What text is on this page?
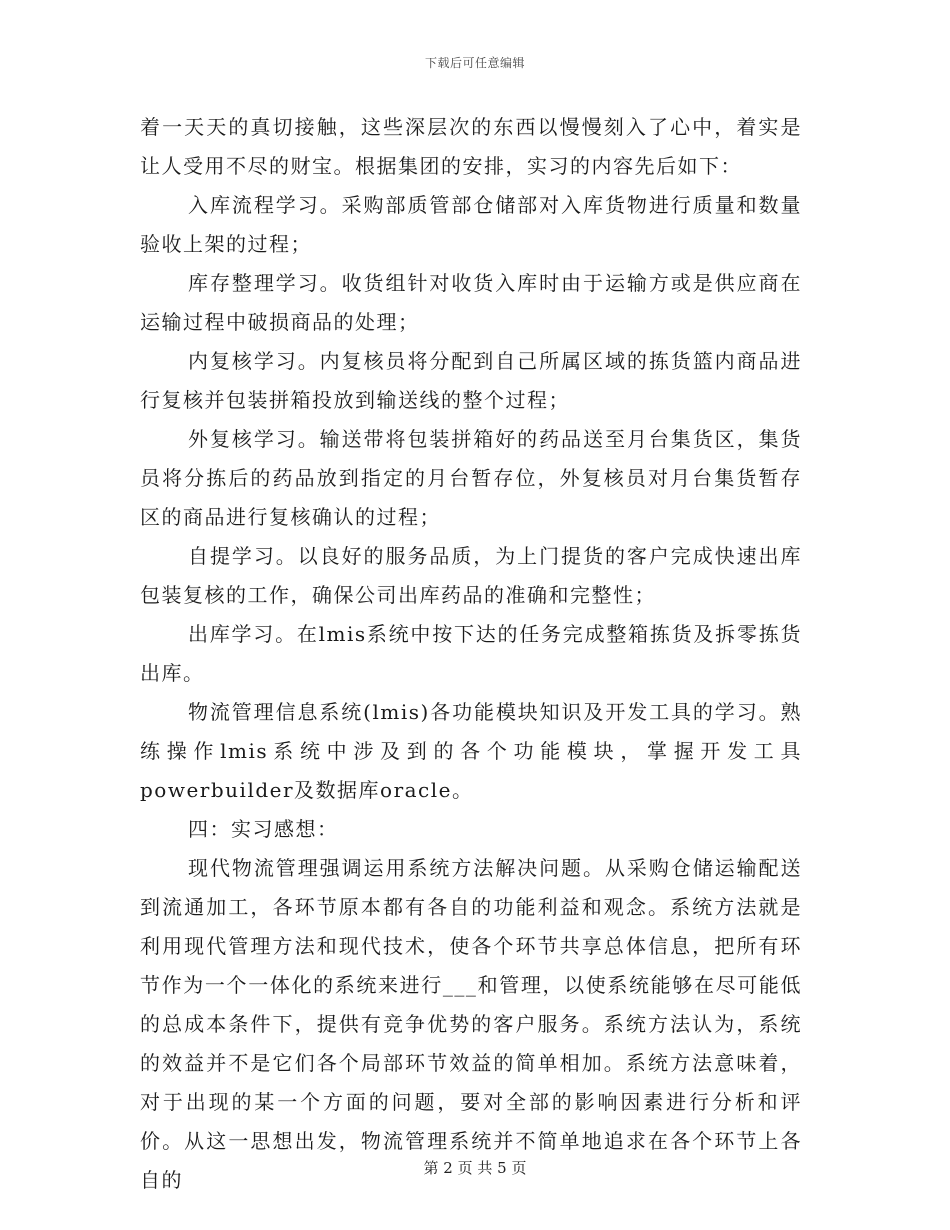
下载后可任意编辑

着一天天的真切接触，这些深层次的东西以慢慢刻入了心中，着实是让人受用不尽的财宝。根据集团的安排，实习的内容先后如下：

入库流程学习。采购部质管部仓储部对入库货物进行质量和数量验收上架的过程；

库存整理学习。收货组针对收货入库时由于运输方或是供应商在运输过程中破损商品的处理；

内复核学习。内复核员将分配到自己所属区域的拣货篮内商品进行复核并包装拼箱投放到输送线的整个过程；

外复核学习。输送带将包装拼箱好的药品送至月台集货区，集货员将分拣后的药品放到指定的月台暂存位，外复核员对月台集货暂存区的商品进行复核确认的过程；

自提学习。以良好的服务品质，为上门提货的客户完成快速出库包装复核的工作，确保公司出库药品的准确和完整性；

出库学习。在lmis系统中按下达的任务完成整箱拣货及拆零拣货出库。

物流管理信息系统(lmis)各功能模块知识及开发工具的学习。熟练操作lmis系统中涉及到的各个功能模块，掌握开发工具powerbuilder及数据库oracle。

四：实习感想：

现代物流管理强调运用系统方法解决问题。从采购仓储运输配送到流通加工，各环节原本都有各自的功能利益和观念。系统方法就是利用现代管理方法和现代技术，使各个环节共享总体信息，把所有环节作为一个一体化的系统来进行___和管理，以使系统能够在尽可能低的总成本条件下，提供有竞争优势的客户服务。系统方法认为，系统的效益并不是它们各个局部环节效益的简单相加。系统方法意味着，对于出现的某一个方面的问题，要对全部的影响因素进行分析和评价。从这一思想出发，物流管理系统并不简单地追求在各个环节上各自的	第 2 页 共 5 页
